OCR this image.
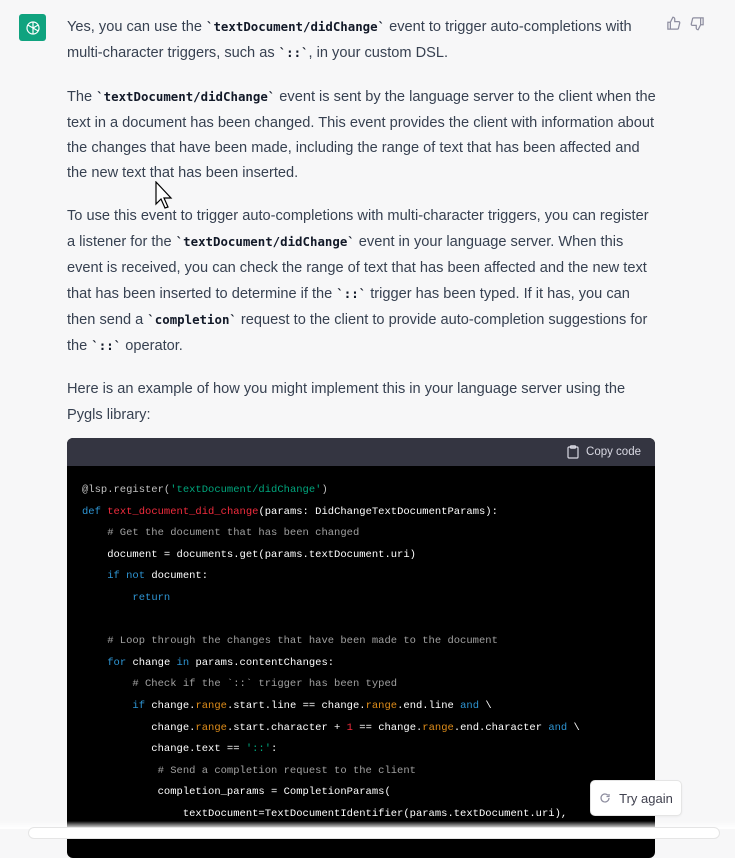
Yes, you can use the `textDocument/didChange` event to trigger auto-completions with multi-character triggers, such as `::`, in your custom DSL.

The `textDocument/didChange` event is sent by the language server to the client when the text in a document has been changed. This event provides the client with information about the changes that have been made, including the range of text that has been affected and the new text that has been inserted.

To use this event to trigger auto-completions with multi-character triggers, you can register a listener for the `textDocument/didChange` event in your language server. When this event is received, you can check the range of text that has been affected and the new text that has been inserted to determine if the `::` trigger has been typed. If it has, you can then send a `completion` request to the client to provide auto-completion suggestions for the `::` operator.

Here is an example of how you might implement this in your language server using the Pygls library:

Copy code
@lsp.register('textDocument/didChange')
def text_document_did_change(params: DidChangeTextDocumentParams):
# Get the document that has been changed
document = documents.get(params.textDocument.uri)
if not document:
return
# Loop through the changes that have been made to the document
for change in params.contentChanges:
# Check if the `::` trigger has been typed
if change.range.start.line == change.range.end.line and \
change.range.start.character + 1 == change.range.end.character and \
change.text == '::':
# Send a completion request to the client
completion_params = CompletionParams(
textDocument=TextDocumentIdentifier(params.textDocument.uri),
Try again
